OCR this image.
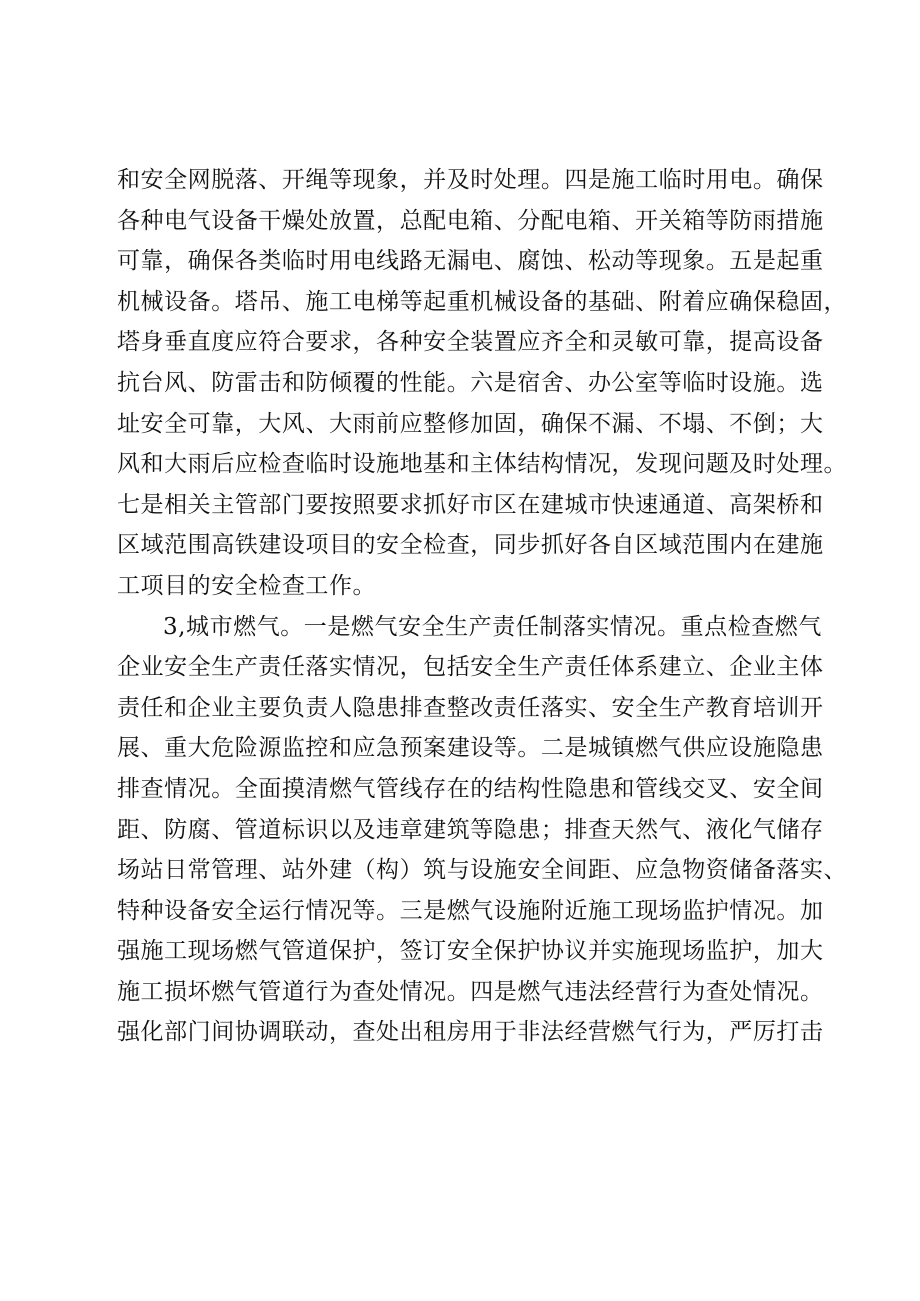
和安全网脱落、开绳等现象，并及时处理。四是施工临时用电。确保
各种电气设备干燥处放置，总配电箱、分配电箱、开关箱等防雨措施
可靠，确保各类临时用电线路无漏电、腐蚀、松动等现象。五是起重
机械设备。塔吊、施工电梯等起重机械设备的基础、附着应确保稳固，
塔身垂直度应符合要求，各种安全装置应齐全和灵敏可靠，提高设备
抗台风、防雷击和防倾覆的性能。六是宿舍、办公室等临时设施。选
址安全可靠，大风、大雨前应整修加固，确保不漏、不塌、不倒；大
风和大雨后应检查临时设施地基和主体结构情况，发现问题及时处理。
七是相关主管部门要按照要求抓好市区在建城市快速通道、高架桥和
区域范围高铁建设项目的安全检查，同步抓好各自区域范围内在建施
工项目的安全检查工作。

3,城市燃气。一是燃气安全生产责任制落实情况。重点检查燃气
企业安全生产责任落实情况，包括安全生产责任体系建立、企业主体
责任和企业主要负责人隐患排查整改责任落实、安全生产教育培训开
展、重大危险源监控和应急预案建设等。二是城镇燃气供应设施隐患
排查情况。全面摸清燃气管线存在的结构性隐患和管线交叉、安全间
距、防腐、管道标识以及违章建筑等隐患；排查天然气、液化气储存
场站日常管理、站外建（构）筑与设施安全间距、应急物资储备落实、
特种设备安全运行情况等。三是燃气设施附近施工现场监护情况。加
强施工现场燃气管道保护，签订安全保护协议并实施现场监护，加大
施工损坏燃气管道行为查处情况。四是燃气违法经营行为查处情况。
强化部门间协调联动，查处出租房用于非法经营燃气行为，严厉打击
